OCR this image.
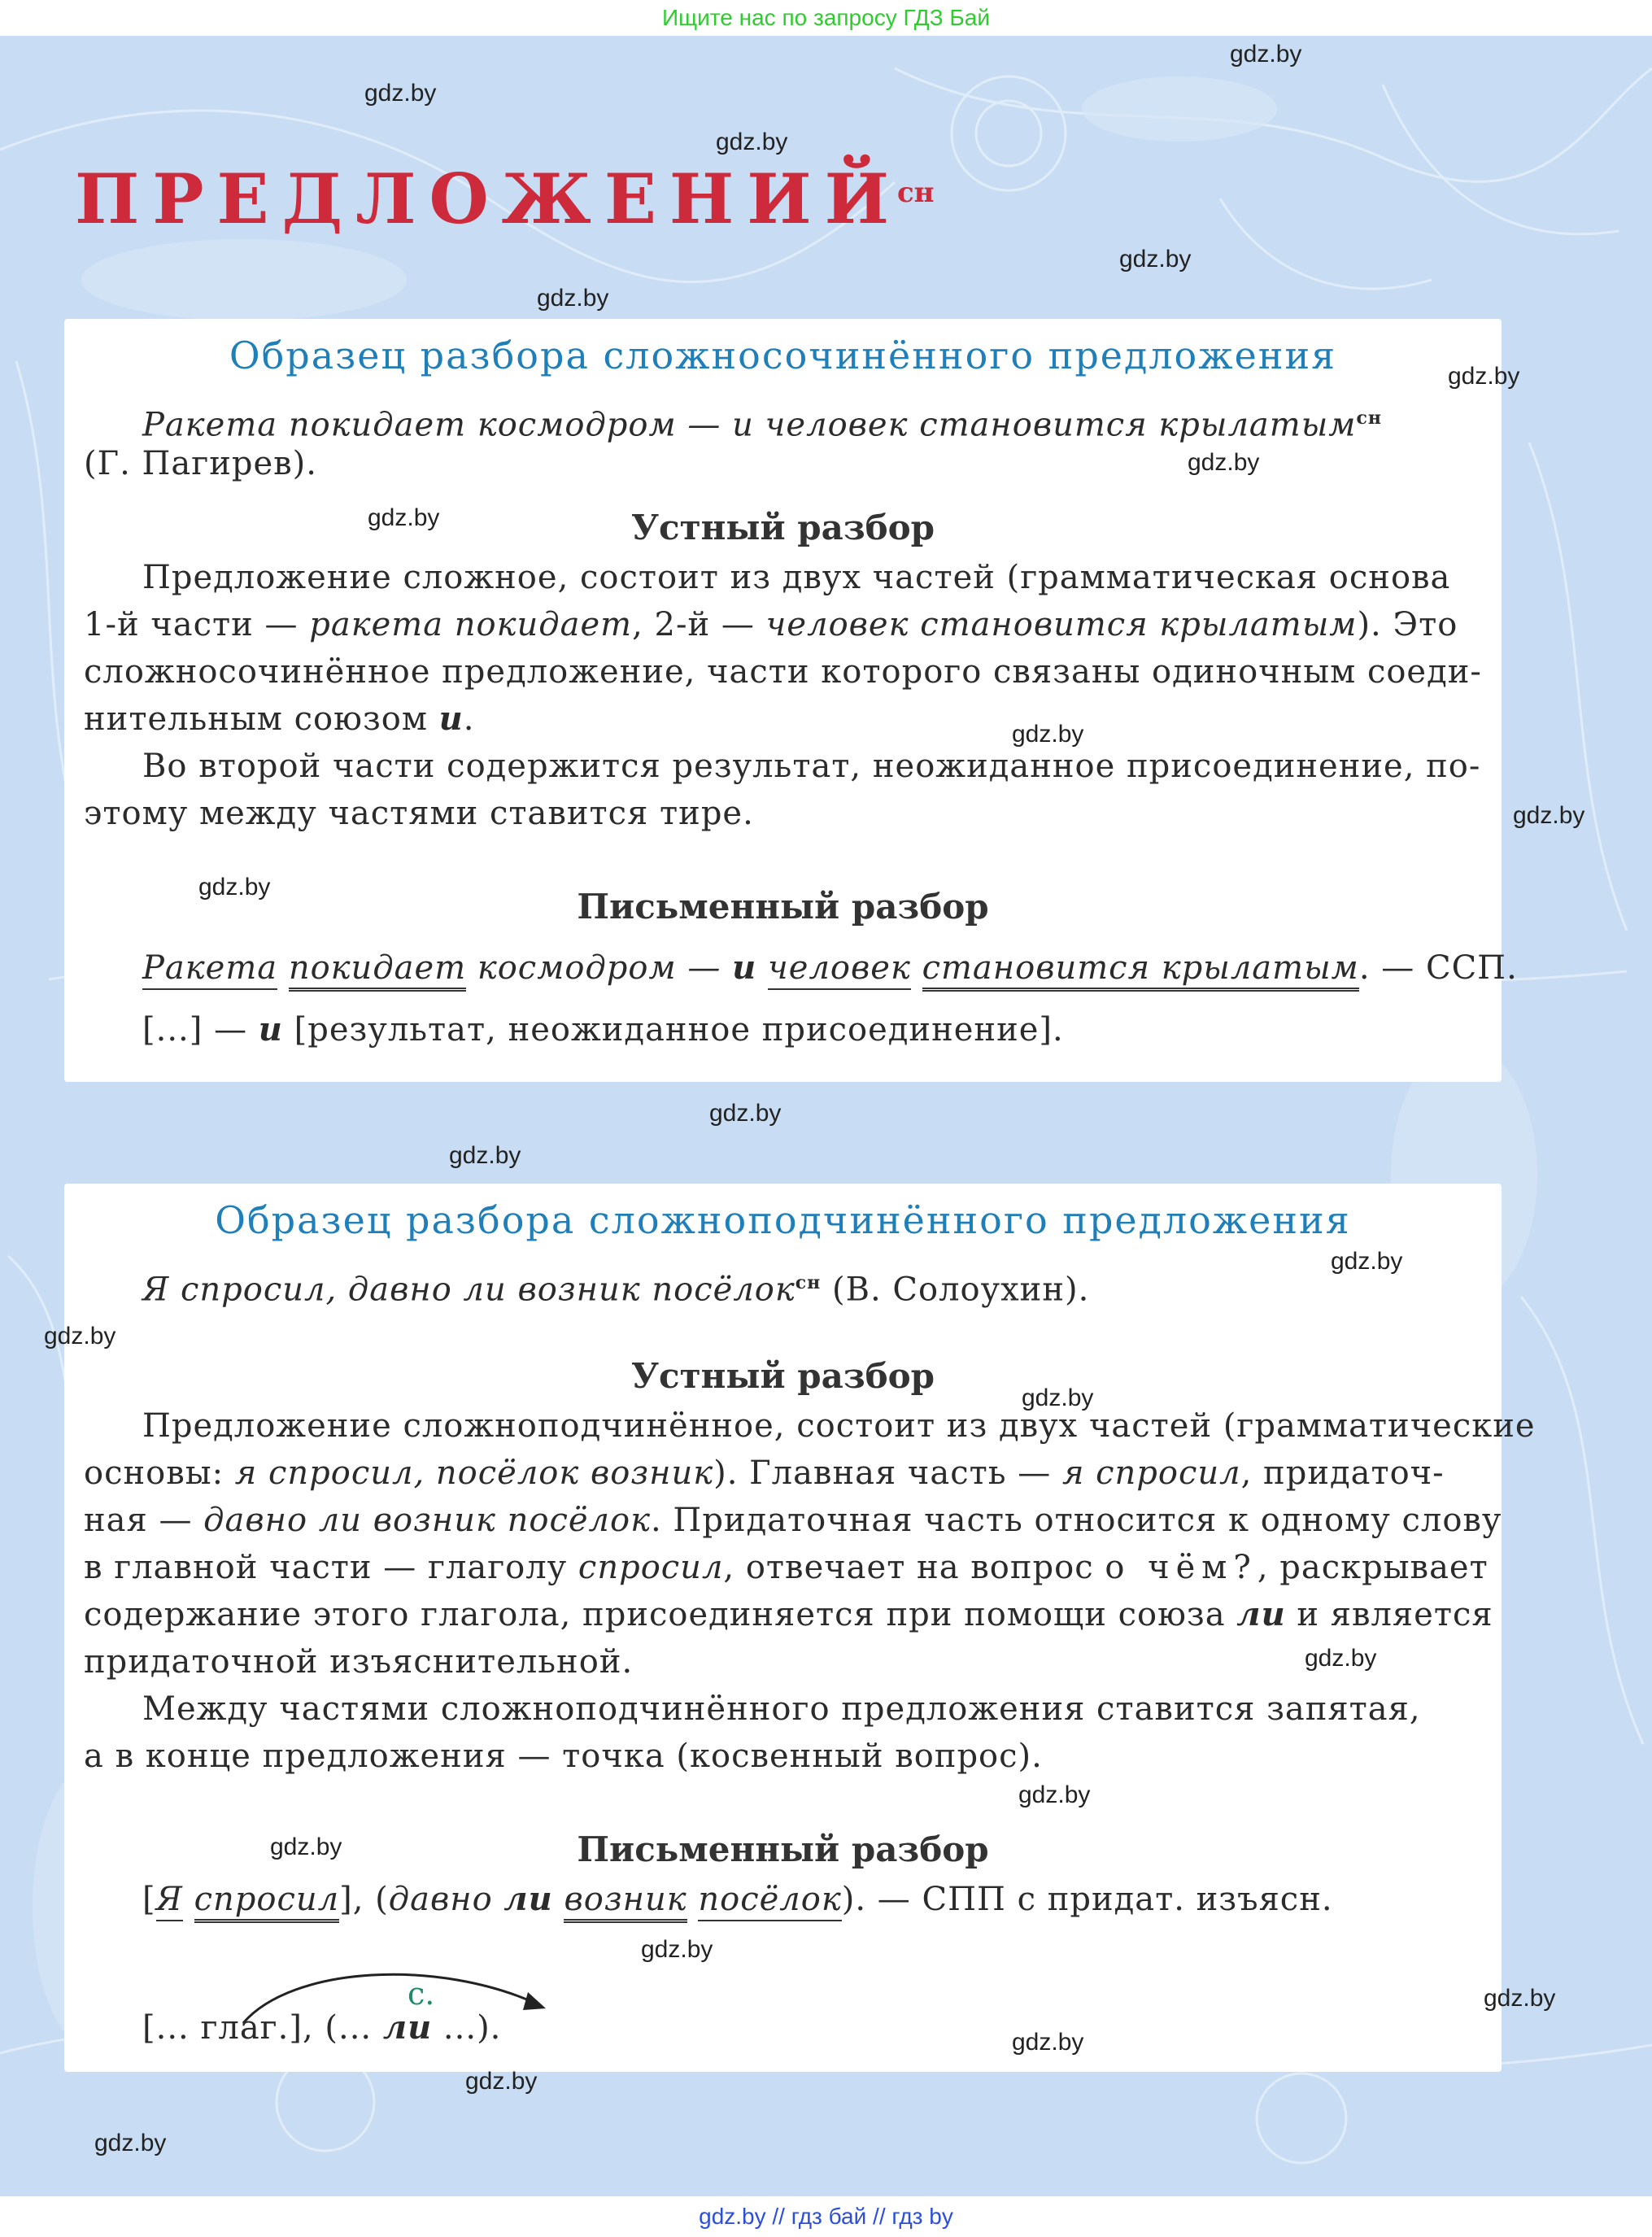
Ищите нас по запросу ГДЗ Бай
$ПРЕДЛОЖЕНИЙ^{сн}$
Образец разбора сложносочинённого предложения
Ракета покидает космодром — и человек становится крылатым$^{сн}$
(Г. Пагирев).
Устный разбор
Предложение сложное, состоит из двух частей (грамматическая основа
1-й части — ракета покидает, 2-й — человек становится крылатым). Это
сложносочинённое предложение, части которого связаны одиночным соеди-
нительным союзом и.
Во второй части содержится результат, неожиданное присоединение, по-
этому между частями ставится тире.
Письменный разбор
Ракета покидает космодром — и человек становится крылатым. — ССП.
[...] — и [результат, неожиданное присоединение].
Образец разбора сложноподчинённого предложения
Я спросил, давно ли возник посёлок$^{сн}$ (В. Солоухин).
Устный разбор
Предложение сложноподчинённое, состоит из двух частей (грамматические
основы: я спросил, посёлок возник). Главная часть — я спросил, придаточ-
ная — давно ли возник посёлок. Придаточная часть относится к одному слову
в главной части — глаголу спросил, отвечает на вопрос о чём?, раскрывает
содержание этого глагола, присоединяется при помощи союза ли и является
придаточной изъяснительной.
Между частями сложноподчинённого предложения ставится запятая,
а в конце предложения — точка (косвенный вопрос).
Письменный разбор
[Я спросил], (давно ли возник посёлок). — СПП с придат. изъясн.
с.
[... глаг.], (... ли ...).
gdz.by
gdz.by
gdz.by
gdz.by
gdz.by
gdz.by
gdz.by
gdz.by
gdz.by
gdz.by
gdz.by
gdz.by
gdz.by
gdz.by
gdz.by
gdz.by
gdz.by
gdz.by
gdz.by
gdz.by
gdz.by
gdz.by
gdz.by
gdz.by
gdz.by // гдз бай // гдз by
